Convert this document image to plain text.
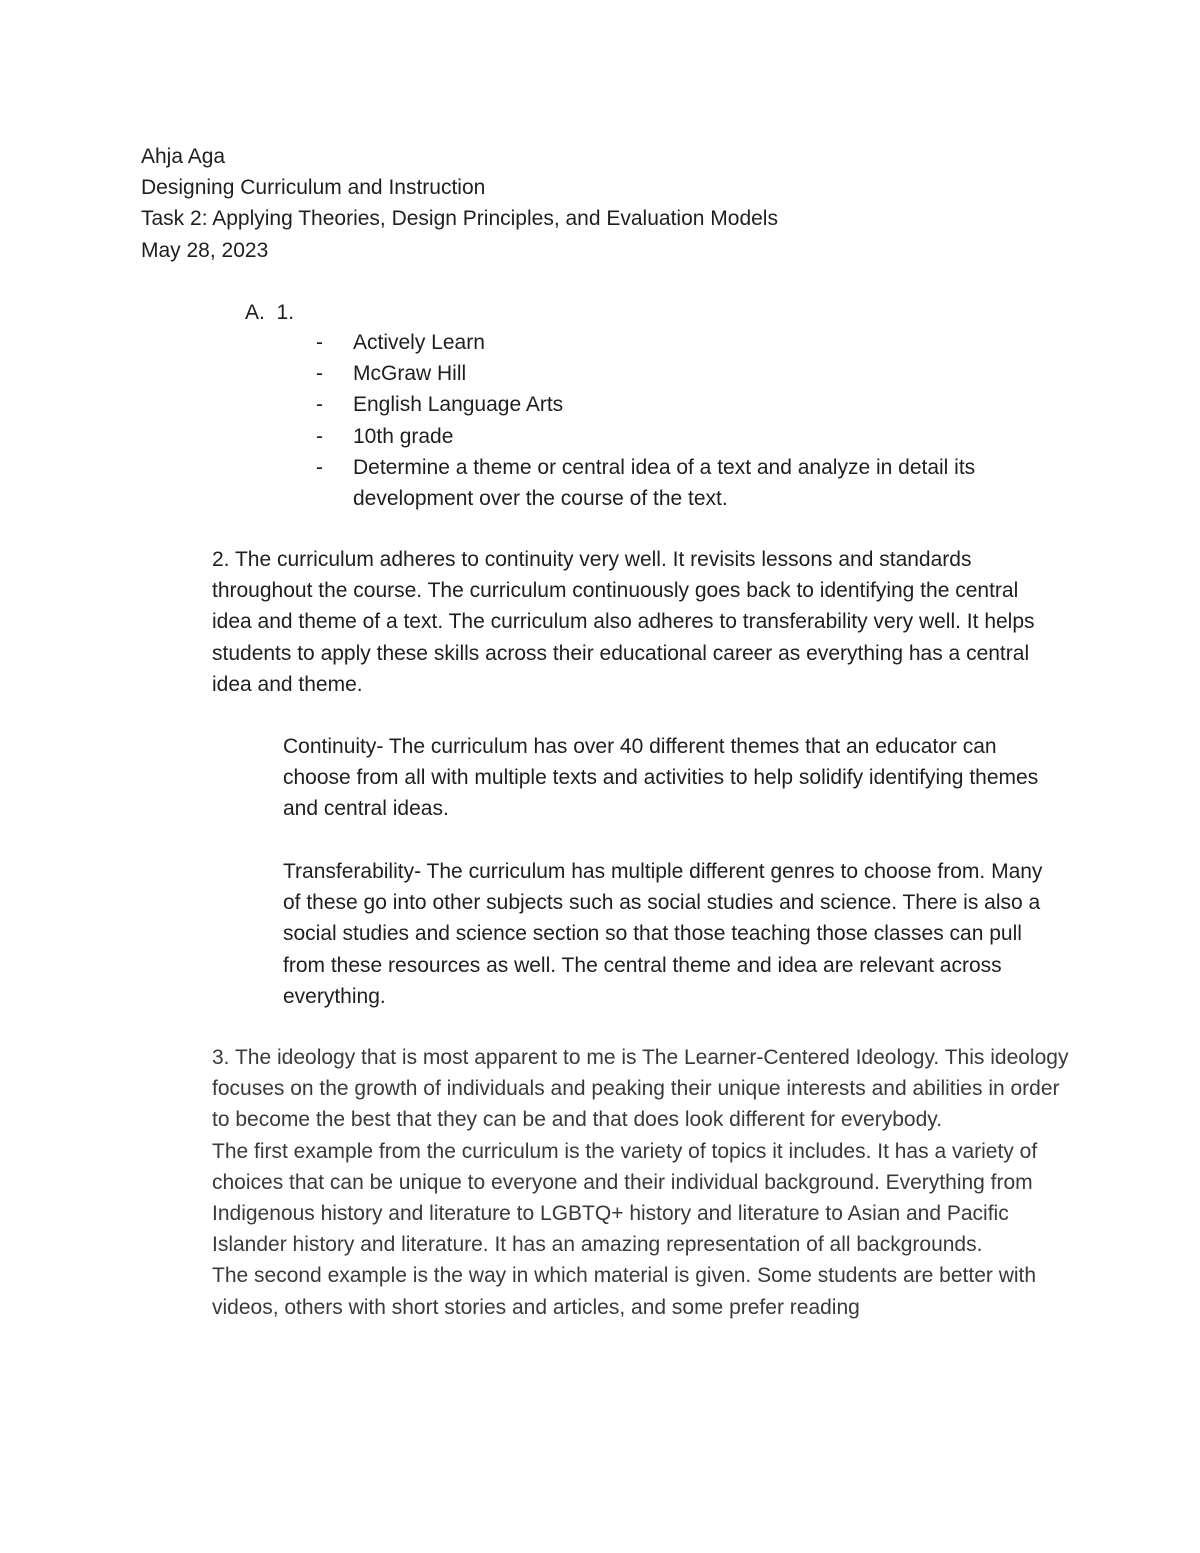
Ahja Aga
Designing Curriculum and Instruction
Task 2: Applying Theories, Design Principles, and Evaluation Models
May 28, 2023
A.  1.
- Actively Learn
- McGraw Hill
- English Language Arts
- 10th grade
- Determine a theme or central idea of a text and analyze in detail its development over the course of the text.

2. The curriculum adheres to continuity very well. It revisits lessons and standards throughout the course. The curriculum continuously goes back to identifying the central idea and theme of a text. The curriculum also adheres to transferability very well. It helps students to apply these skills across their educational career as everything has a central idea and theme.

Continuity- The curriculum has over 40 different themes that an educator can choose from all with multiple texts and activities to help solidify identifying themes and central ideas.

Transferability- The curriculum has multiple different genres to choose from. Many of these go into other subjects such as social studies and science. There is also a social studies and science section so that those teaching those classes can pull from these resources as well. The central theme and idea are relevant across everything.

3. The ideology that is most apparent to me is The Learner-Centered Ideology. This ideology focuses on the growth of individuals and peaking their unique interests and abilities in order to become the best that they can be and that does look different for everybody.

The first example from the curriculum is the variety of topics it includes. It has a variety of choices that can be unique to everyone and their individual background. Everything from Indigenous history and literature to LGBTQ+ history and literature to Asian and Pacific Islander history and literature. It has an amazing representation of all backgrounds.

The second example is the way in which material is given. Some students are better with videos, others with short stories and articles, and some prefer reading
